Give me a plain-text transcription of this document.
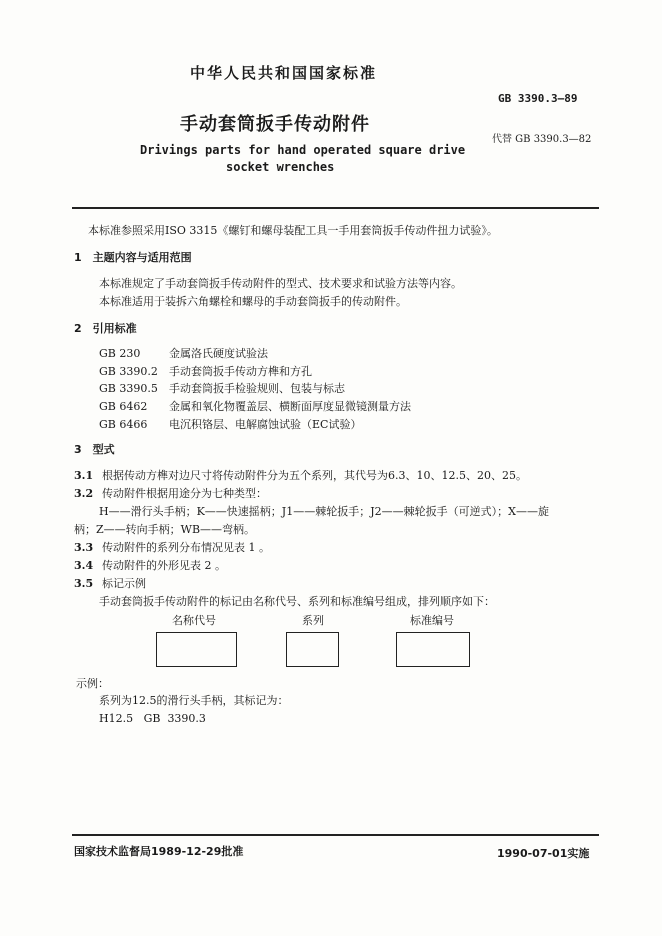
中华人民共和国国家标准
GB 3390.3—89
手动套筒扳手传动附件
代替 GB 3390.3—82
Drivings parts for hand operated square drive
socket wrenches
本标准参照采用ISO 3315《螺钉和螺母装配工具一手用套筒扳手传动件扭力试验》。
1　主题内容与适用范围
本标准规定了手动套筒扳手传动附件的型式、技术要求和试验方法等内容。
本标准适用于装拆六角螺栓和螺母的手动套筒扳手的传动附件。
2　引用标准
GB 230	金属洛氏硬度试验法
GB 3390.2 手动套筒扳手传动方榫和方孔
GB 3390.5 手动套筒扳手检验规则、包装与标志
GB 6462 金属和氧化物覆盖层、横断面厚度显微镜测量方法
GB 6466 电沉积铬层、电解腐蚀试验（EC试验）
3　型式
3.1 根据传动方榫对边尺寸将传动附件分为五个系列，其代号为6.3、10、12.5、20、25。
3.2 传动附件根据用途分为七种类型：
H——滑行头手柄；K——快速摇柄；J1——棘轮扳手；J2——棘轮扳手（可逆式）；X——旋
柄；Z——转向手柄；WB——弯柄。
3.3 传动附件的系列分布情况见表 1 。
3.4 传动附件的外形见表 2 。
3.5 标记示例
手动套筒扳手传动附件的标记由名称代号、系列和标准编号组成，排列顺序如下：
名称代号	系列	标准编号
示例：
系列为12.5的滑行头手柄，其标记为：
H12.5   GB  3390.3
国家技术监督局1989-12-29批准	1990-07-01实施
